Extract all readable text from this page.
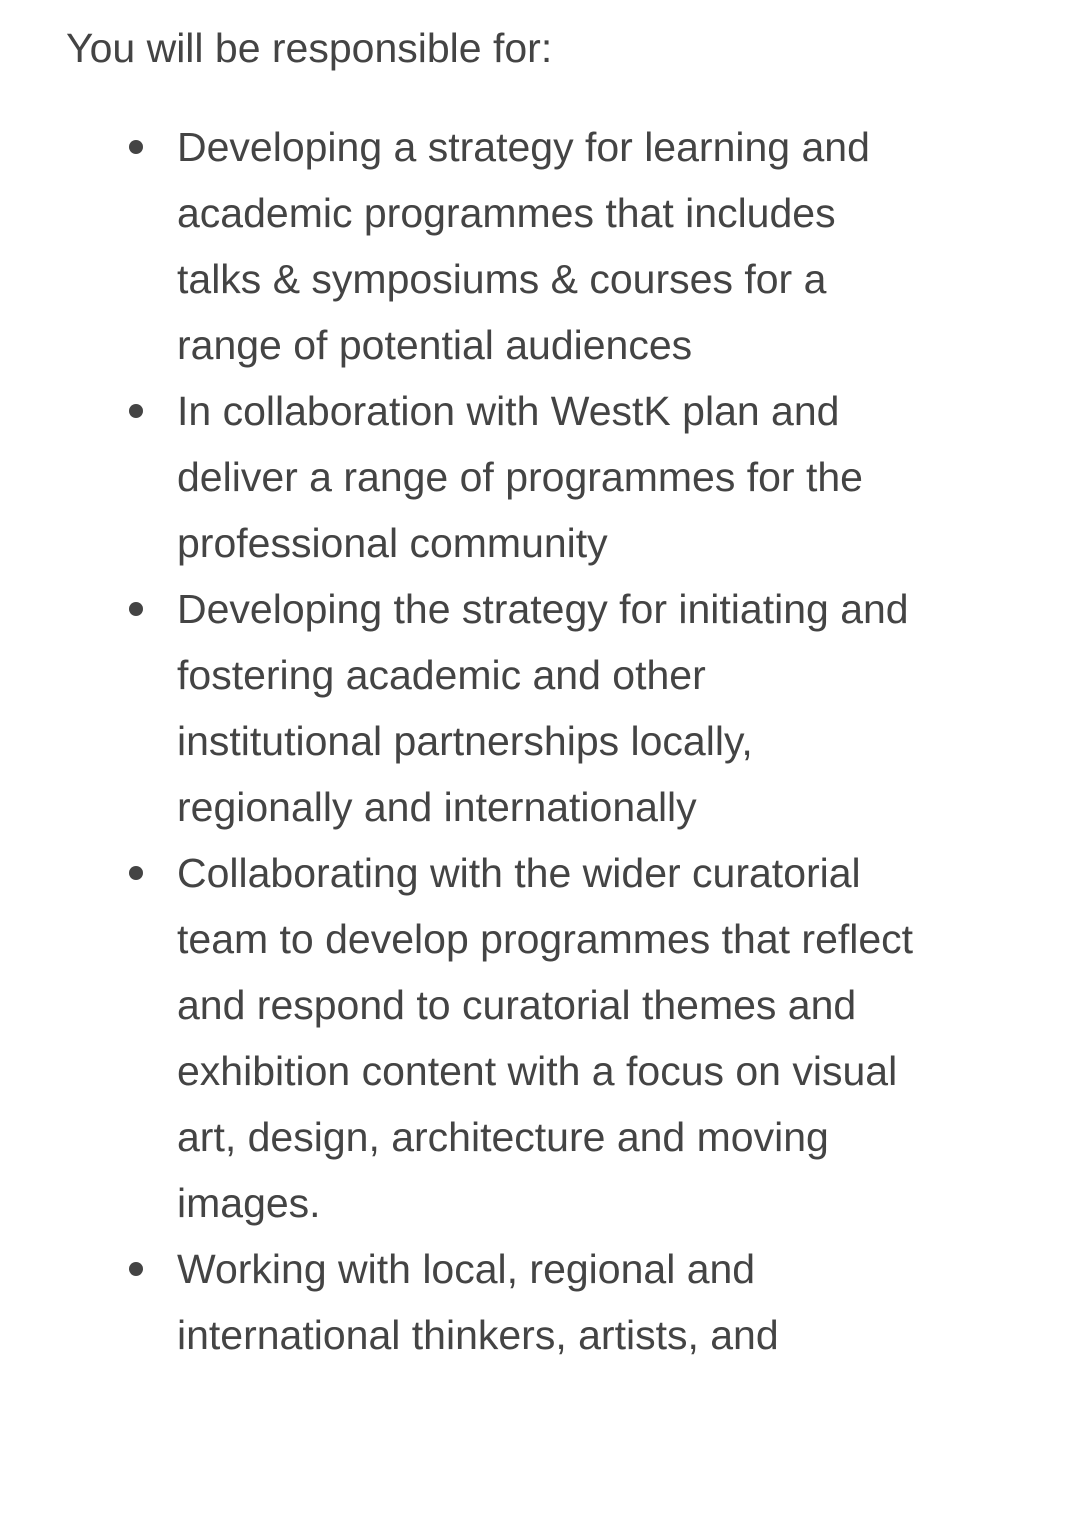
You will be responsible for:

Developing a strategy for learning and academic programmes that includes talks & symposiums & courses for a range of potential audiences
In collaboration with WestK plan and deliver a range of programmes for the professional community
Developing the strategy for initiating and fostering academic and other institutional partnerships locally, regionally and internationally
Collaborating with the wider curatorial team to develop programmes that reflect and respond to curatorial themes and exhibition content with a focus on visual art, design, architecture and moving images.
Working with local, regional and international thinkers, artists, and
